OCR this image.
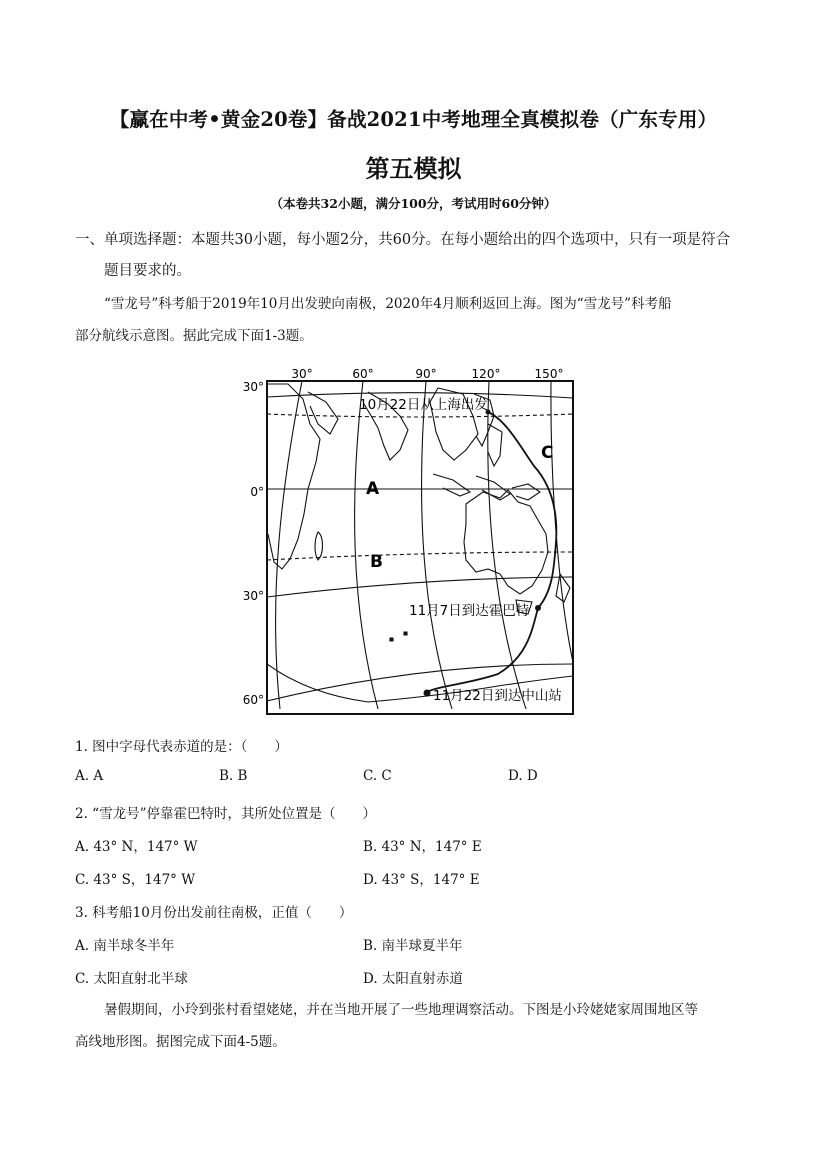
【赢在中考•黄金20卷】备战2021中考地理全真模拟卷（广东专用）
第五模拟
（本卷共32小题，满分100分，考试用时60分钟）
一、单项选择题：本题共30小题，每小题2分，共60分。在每小题给出的四个选项中，只有一项是符合
题目要求的。
“雪龙号”科考船于2019年10月出发驶向南极，2020年4月顺利返回上海。图为“雪龙号”科考船
部分航线示意图。据此完成下面1-3题。
30°	60°	90°	120°	150°
30°
0°
30°
60°
A
B
C
10月22日从上海出发
11月7日到达霍巴特
11月22日到达中山站
1. 图中字母代表赤道的是：（　　）
A. A	B. B	C. C	D. D
2. “雪龙号”停靠霍巴特时，其所处位置是（　　）
A. 43° N，147° W	B. 43° N，147° E
C. 43° S，147° W	D. 43° S，147° E
3. 科考船10月份出发前往南极，正值（　　）
A. 南半球冬半年	B. 南半球夏半年
C. 太阳直射北半球	D. 太阳直射赤道
暑假期间，小玲到张村看望姥姥，并在当地开展了一些地理调察活动。下图是小玲姥姥家周围地区等
高线地形图。据图完成下面4-5题。
